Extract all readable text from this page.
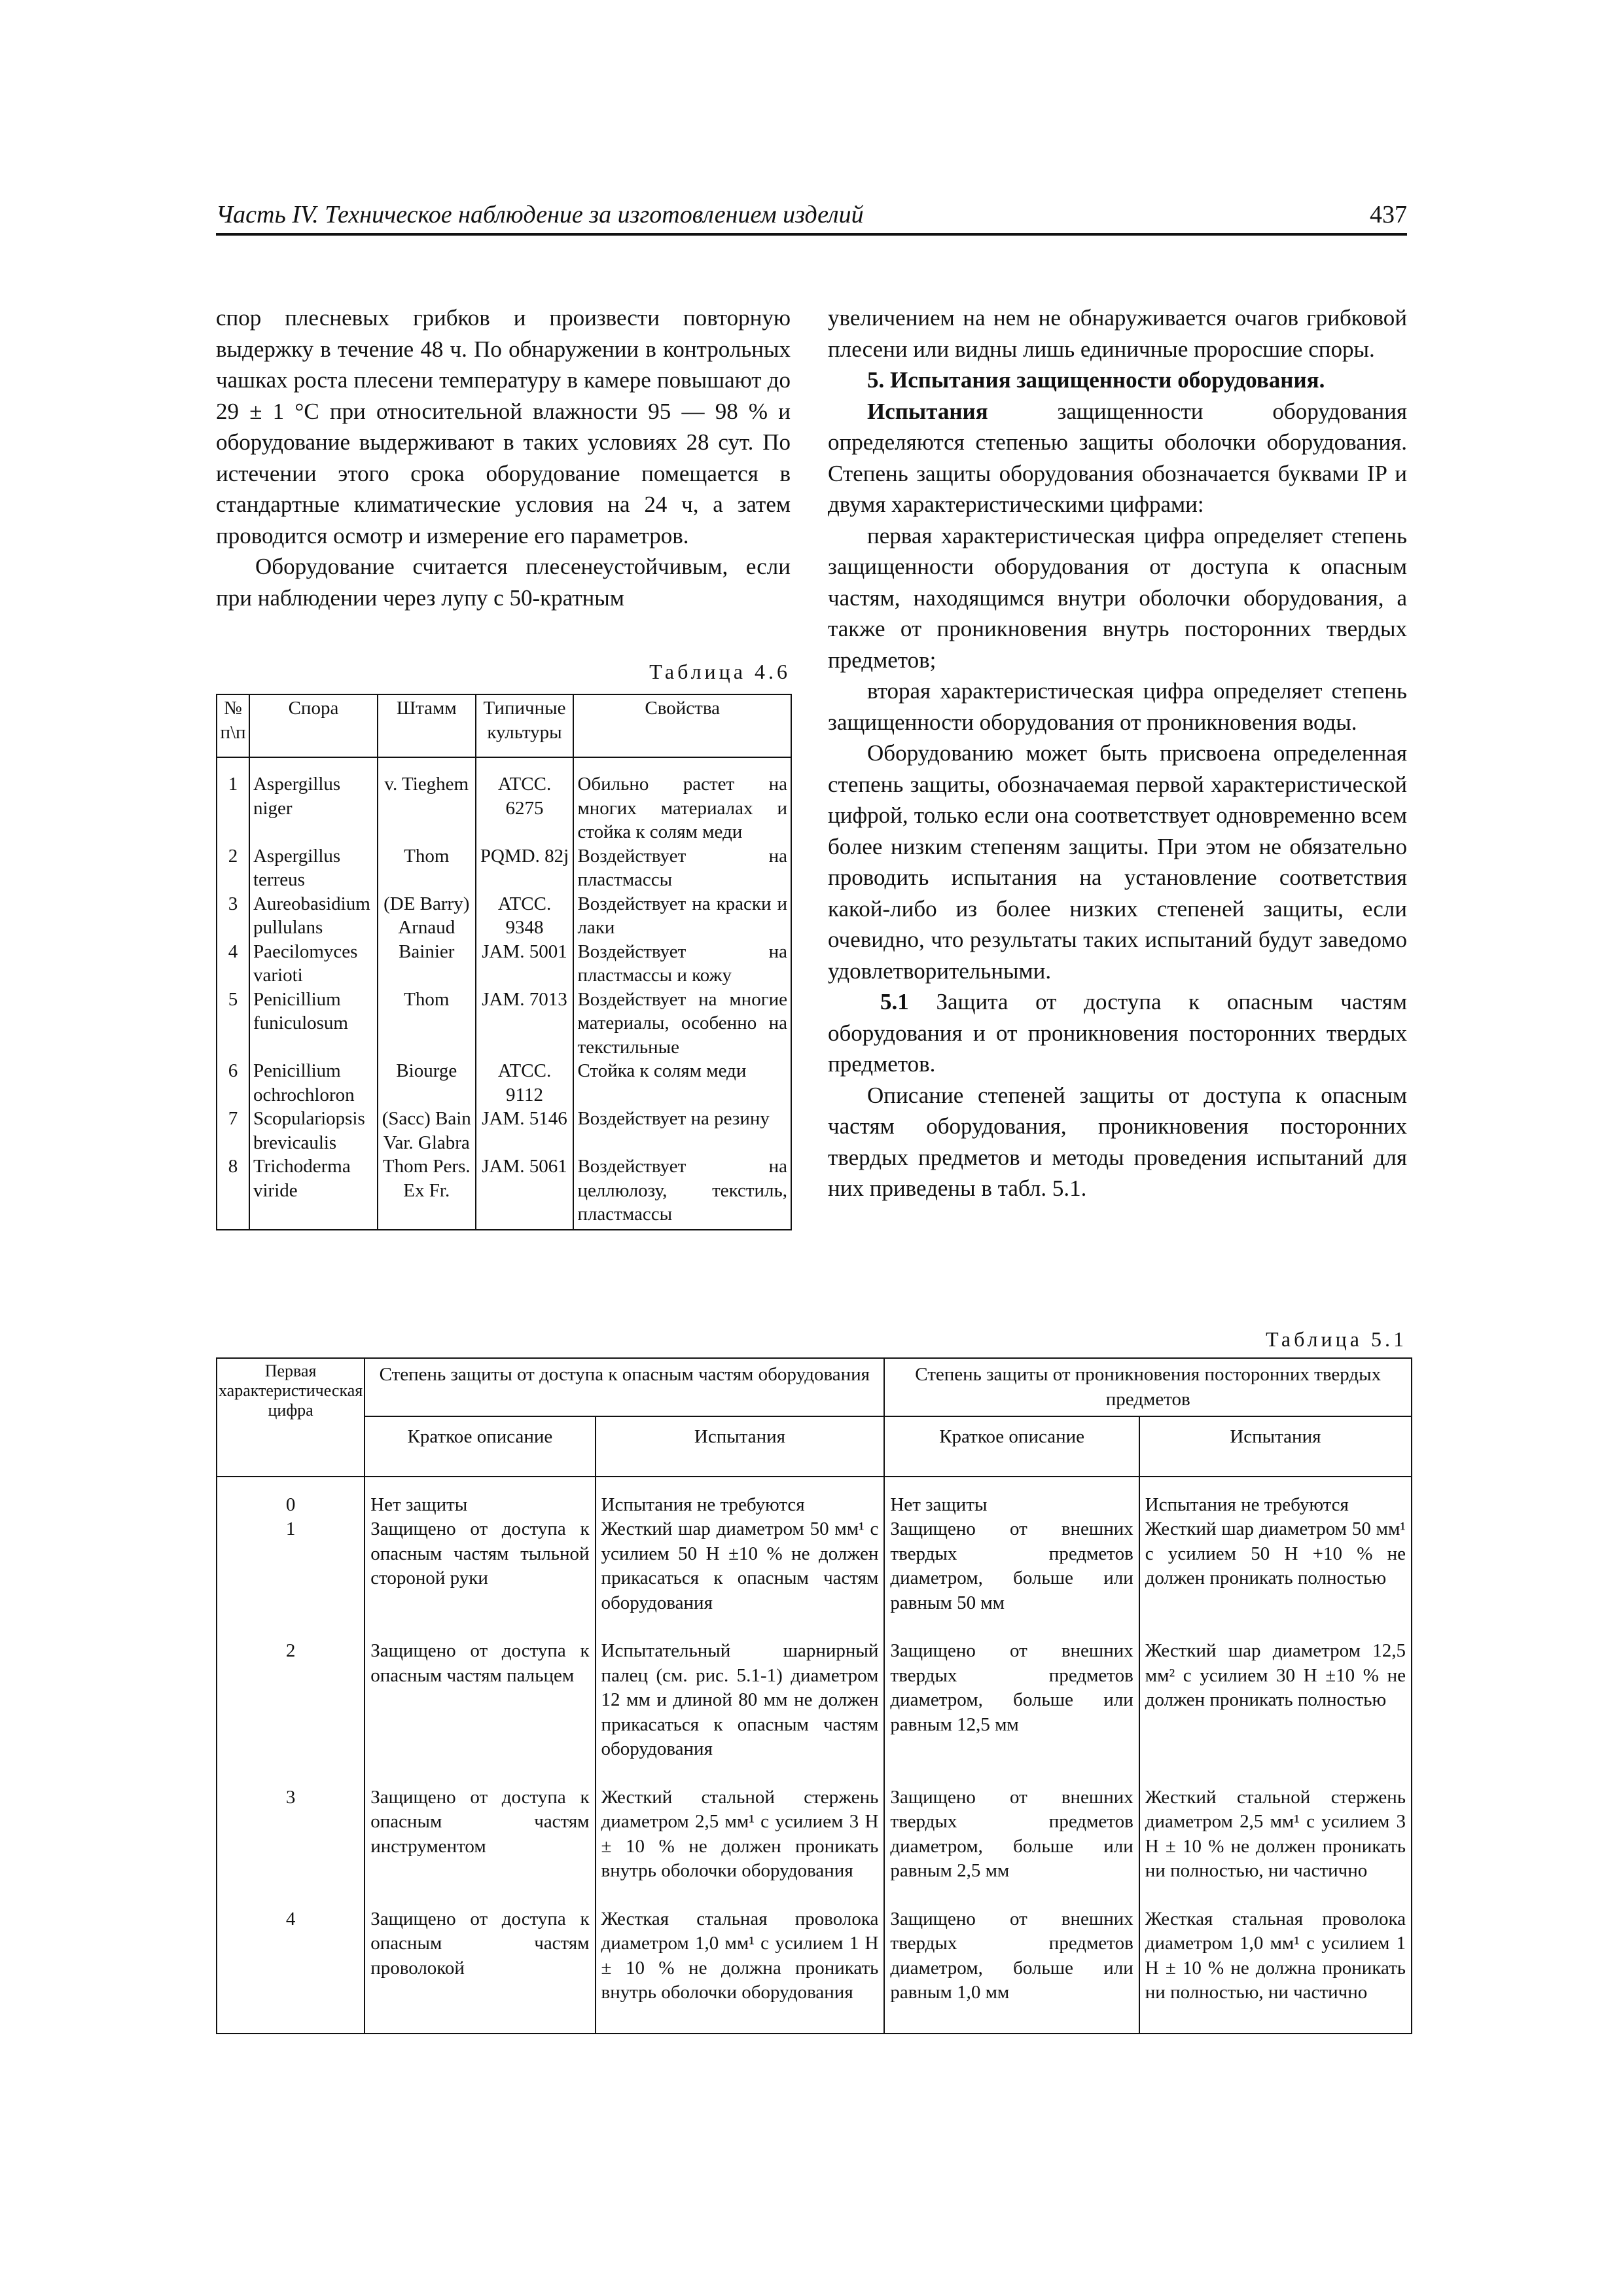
Часть IV. Техническое наблюдение за изготовлением изделий	437

спор плесневых грибков и произвести повторную выдержку в течение 48 ч. По обнаружении в контрольных чашках роста плесени температуру в камере повышают до 29 ± 1 °С при относительной влажности 95 — 98 % и оборудование выдерживают в таких условиях 28 сут. По истечении этого срока оборудование помещается в стандартные климатические условия на 24 ч, а затем проводится осмотр и измерение его параметров.

Оборудование считается плесенеустойчивым, если при наблюдении через лупу с 50-кратным

Таблица 4.6
№ п\п	Спора	Штамм	Типичные культуры	Свойства
1	Aspergillus niger	v. Tieghem	ATCC. 6275	Обильно растет на многих материалах и стойка к солям меди
2	Aspergillus terreus	Thom	PQMD. 82j	Воздействует на пластмассы
3	Aureobasidium pullulans	(DE Barry) Arnaud	ATCC. 9348	Воздействует на краски и лаки
4	Paecilomyces varioti	Bainier	JAM. 5001	Воздействует на пластмассы и кожу
5	Penicillium funiculosum	Thom	JAM. 7013	Воздействует на многие материалы, особенно на текстильные
6	Penicillium ochrochloron	Biourge	ATCC. 9112	Стойка к солям меди
7	Scopulariopsis brevicaulis	(Sacc) Bain Var. Glabra	JAM. 5146	Воздействует на резину
8	Trichoderma viride	Thom Pers. Ex Fr.	JAM. 5061	Воздействует на целлюлозу, текстиль, пластмассы

увеличением на нем не обнаруживается очагов грибковой плесени или видны лишь единичные проросшие споры.

5. Испытания защищенности оборудования.

Испытания защищенности оборудования определяются степенью защиты оболочки оборудования. Степень защиты оборудования обозначается буквами IP и двумя характеристическими цифрами:

первая характеристическая цифра определяет степень защищенности оборудования от доступа к опасным частям, находящимся внутри оболочки оборудования, а также от проникновения внутрь посторонних твердых предметов;

вторая характеристическая цифра определяет степень защищенности оборудования от проникновения воды.

Оборудованию может быть присвоена определенная степень защиты, обозначаемая первой характеристической цифрой, только если она соответствует одновременно всем более низким степеням защиты. При этом не обязательно проводить испытания на установление соответствия какой-либо из более низких степеней защиты, если очевидно, что результаты таких испытаний будут заведомо удовлетворительными.

5.1 Защита от доступа к опасным частям оборудования и от проникновения посторонних твердых предметов.

Описание степеней защиты от доступа к опасным частям оборудования, проникновения посторонних твердых предметов и методы проведения испытаний для них приведены в табл. 5.1.

Таблица 5.1
Первая характеристическая цифра	Степень защиты от доступа к опасным частям оборудования		Степень защиты от проникновения посторонних твердых предметов	
	Краткое описание	Испытания	Краткое описание	Испытания
0	Нет защиты	Испытания не требуются	Нет защиты	Испытания не требуются
1	Защищено от доступа к опасным частям тыльной стороной руки	Жесткий шар диаметром 50 мм¹ с усилием 50 Н ±10 % не должен прикасаться к опасным частям оборудования	Защищено от внешних твердых предметов диаметром, больше или равным 50 мм	Жесткий шар диаметром 50 мм¹ с усилием 50 Н +10 % не должен проникать полностью
2	Защищено от доступа к опасным частям пальцем	Испытательный шарнирный палец (см. рис. 5.1-1) диаметром 12 мм и длиной 80 мм не должен прикасаться к опасным частям оборудования	Защищено от внешних твердых предметов диаметром, больше или равным 12,5 мм	Жесткий шар диаметром 12,5 мм² с усилием 30 Н ±10 % не должен проникать полностью
3	Защищено от доступа к опасным частям инструментом	Жесткий стальной стержень диаметром 2,5 мм¹ с усилием 3 Н ± 10 % не должен проникать внутрь оболочки оборудования	Защищено от внешних твердых предметов диаметром, больше или равным 2,5 мм	Жесткий стальной стержень диаметром 2,5 мм¹ с усилием 3 Н ± 10 % не должен проникать ни полностью, ни частично
4	Защищено от доступа к опасным частям проволокой	Жесткая стальная проволока диаметром 1,0 мм¹ с усилием 1 Н ± 10 % не должна проникать внутрь оболочки оборудования	Защищено от внешних твердых предметов диаметром, больше или равным 1,0 мм	Жесткая стальная проволока диаметром 1,0 мм¹ с усилием 1 Н ± 10 % не должна проникать ни полностью, ни частично
